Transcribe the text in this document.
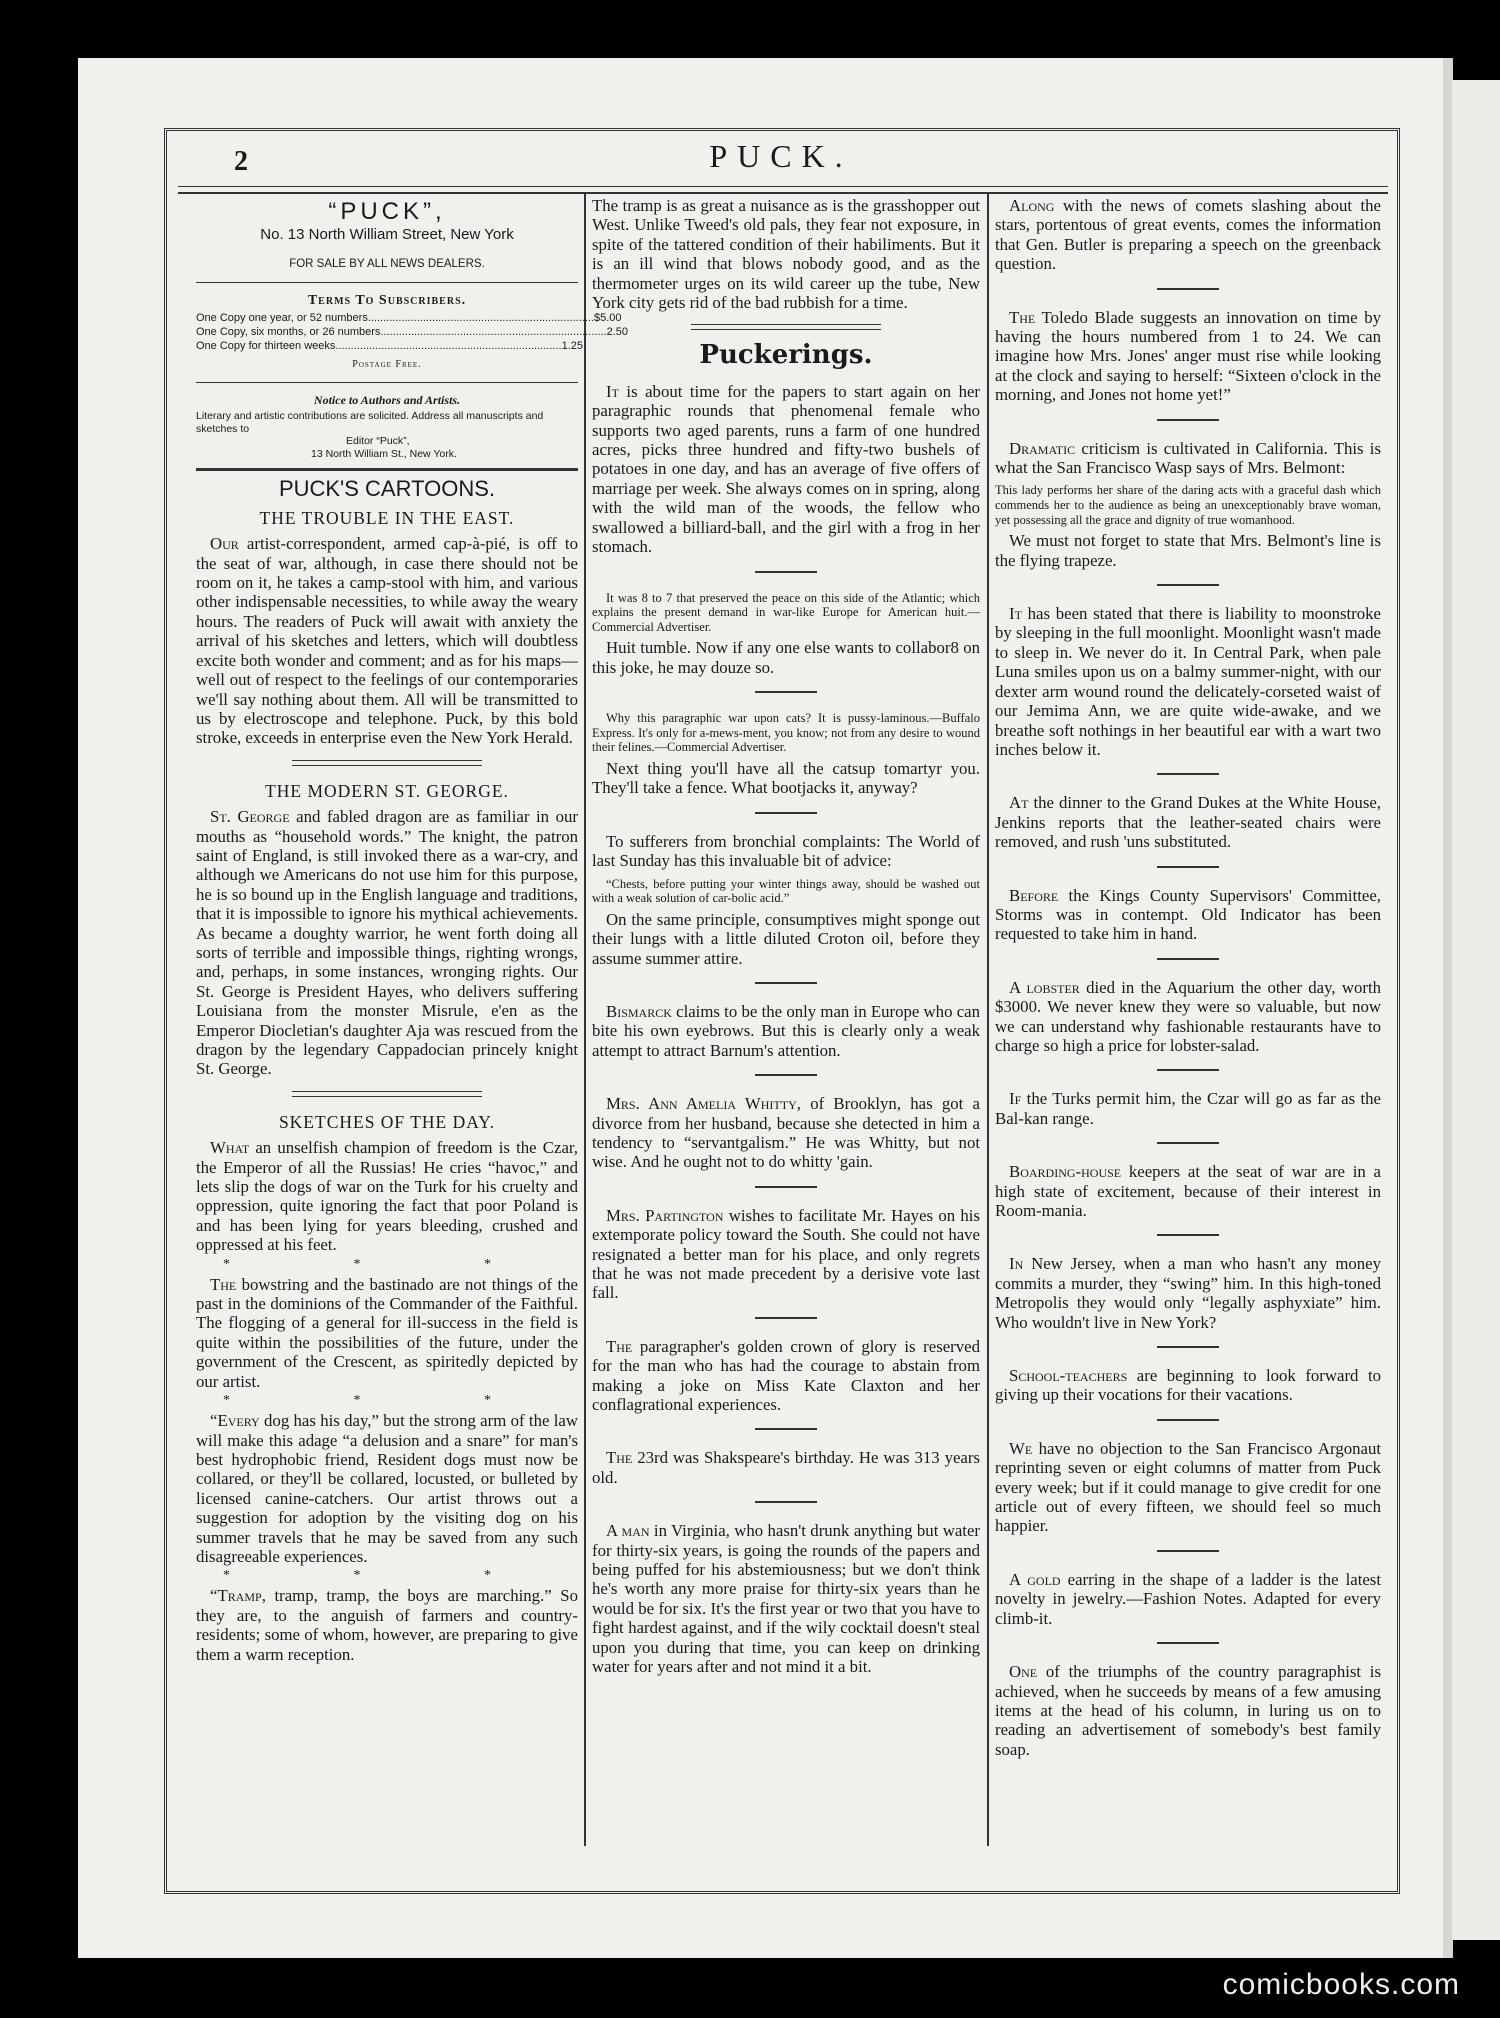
2	PUCK.
“PUCK”,
No. 13 North William Street, New York
FOR SALE BY ALL NEWS DEALERS.
Terms To Subscribers.
One Copy one year, or 52 numbers .......................................................................... $5.00
One Copy, six months, or 26 numbers .......................................................................... 2.50
One Copy for thirteen weeks .......................................................................... 1.25
Postage Free.
Notice to Authors and Artists.
Literary and artistic contributions are solicited. Address all manuscripts and sketches to
Editor “Puck”,
13 North William St., New York.
PUCK'S CARTOONS.
THE TROUBLE IN THE EAST.

Our artist-correspondent, armed cap-à-pié, is off to the seat of war, although, in case there should not be room on it, he takes a camp-stool with him, and various other indispensable necessities, to while away the weary hours. The readers of Puck will await with anxiety the arrival of his sketches and letters, which will doubtless excite both wonder and comment; and as for his maps—well out of respect to the feelings of our contemporaries we'll say nothing about them. All will be transmitted to us by electroscope and telephone. Puck, by this bold stroke, exceeds in enterprise even the New York Herald.

THE MODERN ST. GEORGE.

St. George and fabled dragon are as familiar in our mouths as “household words.” The knight, the patron saint of England, is still invoked there as a war-cry, and although we Americans do not use him for this purpose, he is so bound up in the English language and traditions, that it is impossible to ignore his mythical achievements. As became a doughty warrior, he went forth doing all sorts of terrible and impossible things, righting wrongs, and, perhaps, in some instances, wronging rights. Our St. George is President Hayes, who delivers suffering Louisiana from the monster Misrule, e'en as the Emperor Diocletian's daughter Aja was rescued from the dragon by the legendary Cappadocian princely knight St. George.

SKETCHES OF THE DAY.

What an unselfish champion of freedom is the Czar, the Emperor of all the Russias! He cries “havoc,” and lets slip the dogs of war on the Turk for his cruelty and oppression, quite ignoring the fact that poor Poland is and has been lying for years bleeding, crushed and oppressed at his feet.

* * *

The bowstring and the bastinado are not things of the past in the dominions of the Commander of the Faithful. The flogging of a general for ill-success in the field is quite within the possibilities of the future, under the government of the Crescent, as spiritedly depicted by our artist.

* * *

“Every dog has his day,” but the strong arm of the law will make this adage “a delusion and a snare” for man's best hydrophobic friend, Resident dogs must now be collared, or they'll be collared, locusted, or bulleted by licensed canine-catchers. Our artist throws out a suggestion for adoption by the visiting dog on his summer travels that he may be saved from any such disagreeable experiences.

* * *

“Tramp, tramp, tramp, the boys are marching.” So they are, to the anguish of farmers and country-residents; some of whom, however, are preparing to give them a warm reception.

The tramp is as great a nuisance as is the grasshopper out West. Unlike Tweed's old pals, they fear not exposure, in spite of the tattered condition of their habiliments. But it is an ill wind that blows nobody good, and as the thermometer urges on its wild career up the tube, New York city gets rid of the bad rubbish for a time.

Puckerings.

It is about time for the papers to start again on her paragraphic rounds that phenomenal female who supports two aged parents, runs a farm of one hundred acres, picks three hundred and fifty-two bushels of potatoes in one day, and has an average of five offers of marriage per week. She always comes on in spring, along with the wild man of the woods, the fellow who swallowed a billiard-ball, and the girl with a frog in her stomach.

It was 8 to 7 that preserved the peace on this side of the Atlantic; which explains the present demand in war-like Europe for American huit.—Commercial Advertiser.

Huit tumble. Now if any one else wants to collabor8 on this joke, he may douze so.

Why this paragraphic war upon cats? It is pussy-laminous.—Buffalo Express. It's only for a-mews-ment, you know; not from any desire to wound their felines.—Commercial Advertiser.

Next thing you'll have all the catsup tomartyr you. They'll take a fence. What bootjacks it, anyway?

To sufferers from bronchial complaints: The World of last Sunday has this invaluable bit of advice:

“Chests, before putting your winter things away, should be washed out with a weak solution of car-bolic acid.”

On the same principle, consumptives might sponge out their lungs with a little diluted Croton oil, before they assume summer attire.

Bismarck claims to be the only man in Europe who can bite his own eyebrows. But this is clearly only a weak attempt to attract Barnum's attention.

Mrs. Ann Amelia Whitty, of Brooklyn, has got a divorce from her husband, because she detected in him a tendency to “servantgalism.” He was Whitty, but not wise. And he ought not to do whitty 'gain.

Mrs. Partington wishes to facilitate Mr. Hayes on his extemporate policy toward the South. She could not have resignated a better man for his place, and only regrets that he was not made precedent by a derisive vote last fall.

The paragrapher's golden crown of glory is reserved for the man who has had the courage to abstain from making a joke on Miss Kate Claxton and her conflagrational experiences.

The 23rd was Shakspeare's birthday. He was 313 years old.

A man in Virginia, who hasn't drunk anything but water for thirty-six years, is going the rounds of the papers and being puffed for his abstemiousness; but we don't think he's worth any more praise for thirty-six years than he would be for six. It's the first year or two that you have to fight hardest against, and if the wily cocktail doesn't steal upon you during that time, you can keep on drinking water for years after and not mind it a bit.

Along with the news of comets slashing about the stars, portentous of great events, comes the information that Gen. Butler is preparing a speech on the greenback question.

The Toledo Blade suggests an innovation on time by having the hours numbered from 1 to 24. We can imagine how Mrs. Jones' anger must rise while looking at the clock and saying to herself: “Sixteen o'clock in the morning, and Jones not home yet!”

Dramatic criticism is cultivated in California. This is what the San Francisco Wasp says of Mrs. Belmont:

This lady performs her share of the daring acts with a graceful dash which commends her to the audience as being an unexceptionably brave woman, yet possessing all the grace and dignity of true womanhood.

We must not forget to state that Mrs. Belmont's line is the flying trapeze.

It has been stated that there is liability to moonstroke by sleeping in the full moonlight. Moonlight wasn't made to sleep in. We never do it. In Central Park, when pale Luna smiles upon us on a balmy summer-night, with our dexter arm wound round the delicately-corseted waist of our Jemima Ann, we are quite wide-awake, and we breathe soft nothings in her beautiful ear with a wart two inches below it.

At the dinner to the Grand Dukes at the White House, Jenkins reports that the leather-seated chairs were removed, and rush 'uns substituted.

Before the Kings County Supervisors' Committee, Storms was in contempt. Old Indicator has been requested to take him in hand.

A lobster died in the Aquarium the other day, worth $3000. We never knew they were so valuable, but now we can understand why fashionable restaurants have to charge so high a price for lobster-salad.

If the Turks permit him, the Czar will go as far as the Bal-kan range.

Boarding-house keepers at the seat of war are in a high state of excitement, because of their interest in Room-mania.

In New Jersey, when a man who hasn't any money commits a murder, they “swing” him. In this high-toned Metropolis they would only “legally asphyxiate” him. Who wouldn't live in New York?

School-teachers are beginning to look forward to giving up their vocations for their vacations.

We have no objection to the San Francisco Argonaut reprinting seven or eight columns of matter from Puck every week; but if it could manage to give credit for one article out of every fifteen, we should feel so much happier.

A gold earring in the shape of a ladder is the latest novelty in jewelry.—Fashion Notes. Adapted for every climb-it.

One of the triumphs of the country paragraphist is achieved, when he succeeds by means of a few amusing items at the head of his column, in luring us on to reading an advertisement of somebody's best family soap.

comicbooks.com
